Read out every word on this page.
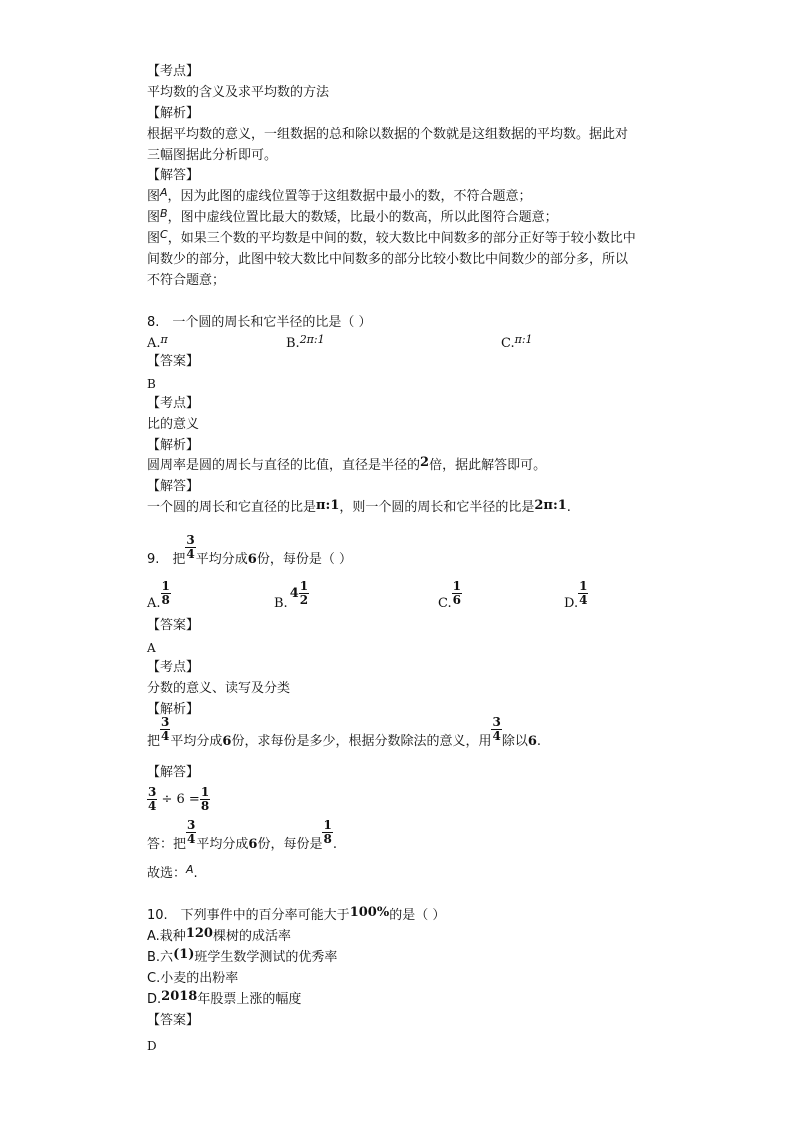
【考点】
平均数的含义及求平均数的方法
【解析】
根据平均数的意义，一组数据的总和除以数据的个数就是这组数据的平均数。据此对
三幅图据此分析即可。
【解答】
图$^A$，因为此图的虚线位置等于这组数据中最小的数，不符合题意；
图$^B$，图中虚线位置比最大的数矮，比最小的数高，所以此图符合题意；
图$^C$，如果三个数的平均数是中间的数，较大数比中间数多的部分正好等于较小数比中
间数少的部分，此图中较大数比中间数多的部分比较小数比中间数少的部分多，所以
不符合题意；
8.　一个圆的周长和它半径的比是（ ）
A.$^\pi$	B.$^{2\pi:1}$	C.$^{\pi:1}$
【答案】
B
【考点】
比的意义
【解析】
圆周率是圆的周长与直径的比值，直径是半径的2倍，据此解答即可。
【解答】
一个圆的周长和它直径的比是π:1，则一个圆的周长和它半径的比是2π:1.
9.　把 $\frac{3}{4}$ 平均分成6份，每份是（ ）
A. $\frac{1}{8}$	$B.4 \frac{1}{2}$	C. $\frac{1}{6}$	D. $\frac{1}{4}$
【答案】
A
【考点】
分数的意义、读写及分类
【解析】
把 $\frac{3}{4}$ 平均分成6份，求每份是多少，根据分数除法的意义，用 $\frac{3}{4}$ 除以6.
【解答】
$\frac{3}{4} \div 6 = \frac{1}{8}$
答：把 $\frac{3}{4}$ 平均分成6份，每份是 $\frac{1}{8}$ .
故选：$^A$.
10.　下列事件中的百分率可能大于100%的是（ ）
A.栽种120棵树的成活率
B.六(1)班学生数学测试的优秀率
C.小麦的出粉率
D.2018年股票上涨的幅度
【答案】
D
